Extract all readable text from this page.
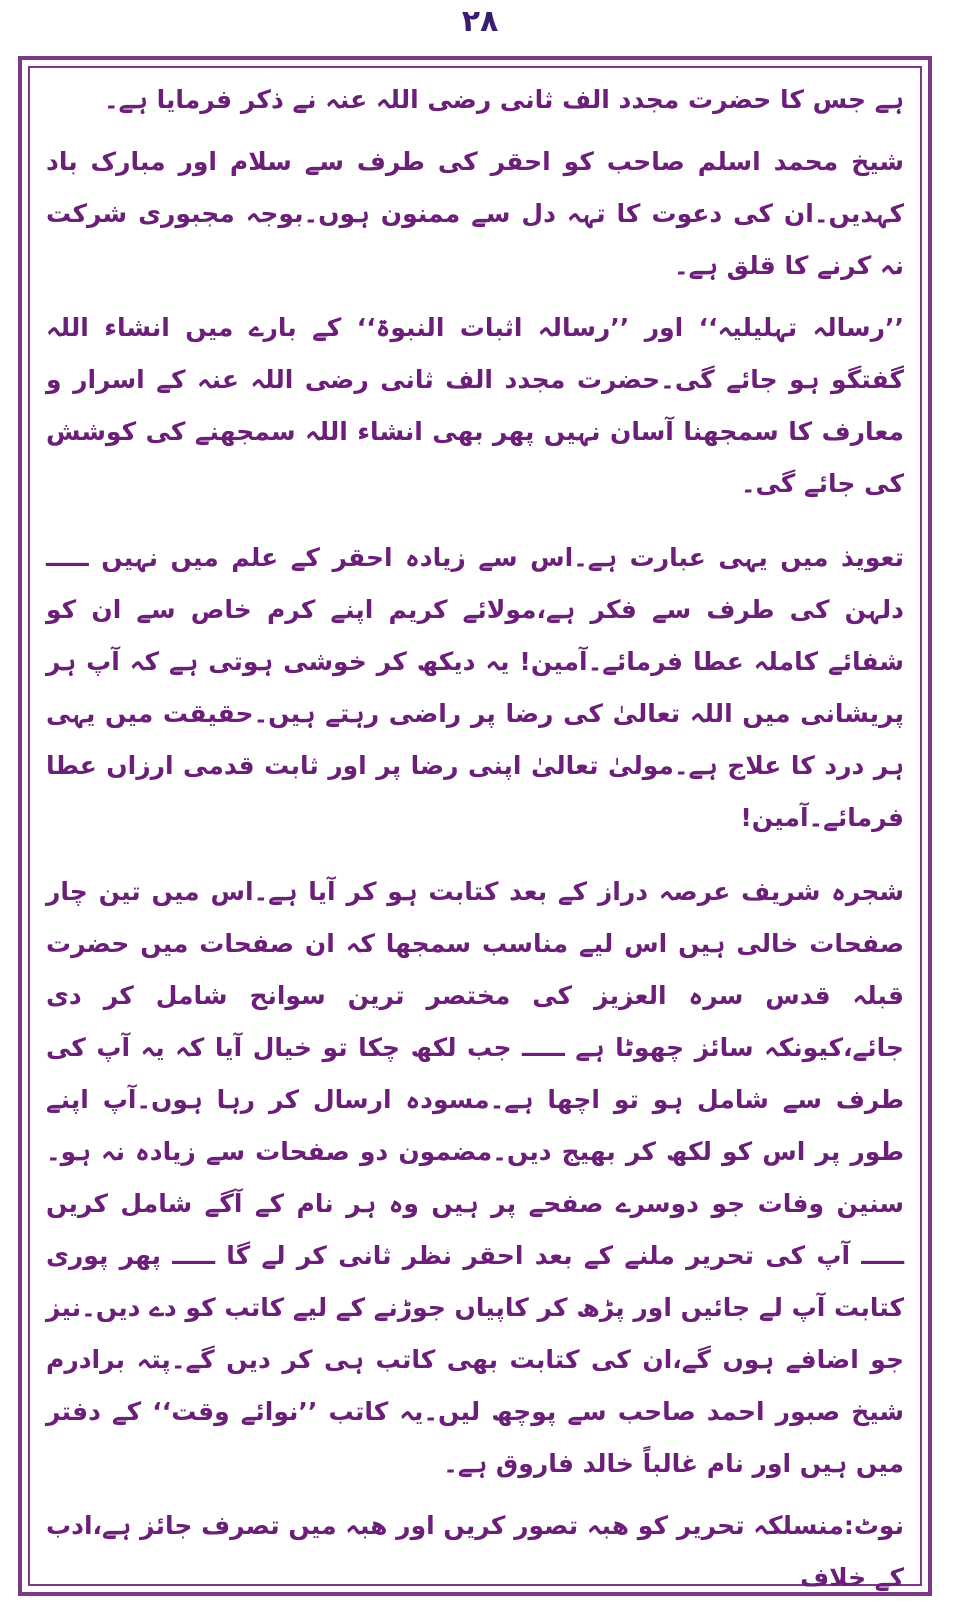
۲۸

ہے جس کا حضرت مجدد الف ثانی رضی اللہ عنہ نے ذکر فرمایا ہے۔

شیخ محمد اسلم صاحب کو احقر کی طرف سے سلام اور مبارک باد کہدیں۔ان کی دعوت کا تہہ دل سے ممنون ہوں۔بوجہ مجبوری شرکت نہ کرنے کا قلق ہے۔

’’رسالہ تہلیلیہ‘‘ اور ’’رسالہ اثبات النبوۃ‘‘ کے بارے میں انشاء اللہ گفتگو ہو جائے گی۔حضرت مجدد الف ثانی رضی اللہ عنہ کے اسرار و معارف کا سمجھنا آسان نہیں پھر بھی انشاء اللہ سمجھنے کی کوشش کی جائے گی۔

تعویذ میں یہی عبارت ہے۔اس سے زیادہ احقر کے علم میں نہیں ـــــ دلہن کی طرف سے فکر ہے،مولائے کریم اپنے کرم خاص سے ان کو شفائے کاملہ عطا فرمائے۔آمین! یہ دیکھ کر خوشی ہوتی ہے کہ آپ ہر پریشانی میں اللہ تعالیٰ کی رضا پر راضی رہتے ہیں۔حقیقت میں یہی ہر درد کا علاج ہے۔مولیٰ تعالیٰ اپنی رضا پر اور ثابت قدمی ارزاں عطا فرمائے۔آمین!

شجرہ شریف عرصہ دراز کے بعد کتابت ہو کر آیا ہے۔اس میں تین چار صفحات خالی ہیں اس لیے مناسب سمجھا کہ ان صفحات میں حضرت قبلہ قدس سرہ العزیز کی مختصر ترین سوانح شامل کر دی جائے،کیونکہ سائز چھوٹا ہے ـــــ جب لکھ چکا تو خیال آیا کہ یہ آپ کی طرف سے شامل ہو تو اچھا ہے۔مسودہ ارسال کر رہا ہوں۔آپ اپنے طور پر اس کو لکھ کر بھیج دیں۔مضمون دو صفحات سے زیادہ نہ ہو۔سنین وفات جو دوسرے صفحے پر ہیں وہ ہر نام کے آگے شامل کریں ـــــ آپ کی تحریر ملنے کے بعد احقر نظر ثانی کر لے گا ـــــ پھر پوری کتابت آپ لے جائیں اور پڑھ کر کاپیاں جوڑنے کے لیے کاتب کو دے دیں۔نیز جو اضافے ہوں گے،ان کی کتابت بھی کاتب ہی کر دیں گے۔پتہ برادرم شیخ صبور احمد صاحب سے پوچھ لیں۔یہ کاتب ’’نوائے وقت‘‘ کے دفتر میں ہیں اور نام غالباً خالد فاروق ہے۔

نوٹ:منسلکہ تحریر کو ھبہ تصور کریں اور ھبہ میں تصرف جائز ہے،ادب کے خلاف
